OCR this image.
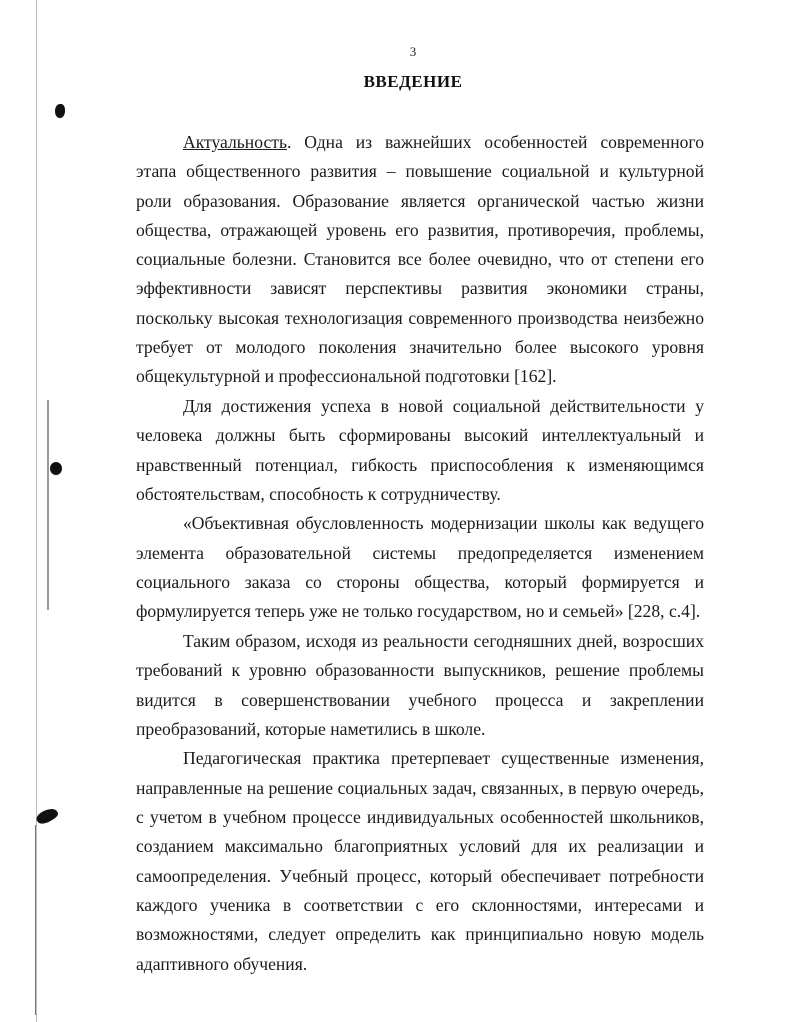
3
ВВЕДЕНИЕ

Актуальность. Одна из важнейших особенностей современного этапа общественного развития – повышение социальной и культурной роли образования. Образование является органической частью жизни общества, отражающей уровень его развития, противоречия, проблемы, социальные болезни. Становится все более очевидно, что от степени его эффективности зависят перспективы развития экономики страны, поскольку высокая технологизация современного производства неизбежно требует от молодого поколения значительно более высокого уровня общекультурной и профессиональной подготовки [162].

Для достижения успеха в новой социальной действительности у человека должны быть сформированы высокий интеллектуальный и нравственный потенциал, гибкость приспособления к изменяющимся обстоятельствам, способность к сотрудничеству.

«Объективная обусловленность модернизации школы как ведущего элемента образовательной системы предопределяется изменением социального заказа со стороны общества, который формируется и формулируется теперь уже не только государством, но и семьей» [228, с.4].

Таким образом, исходя из реальности сегодняшних дней, возросших требований к уровню образованности выпускников, решение проблемы видится в совершенствовании учебного процесса и закреплении преобразований, которые наметились в школе.

Педагогическая практика претерпевает существенные изменения, направленные на решение социальных задач, связанных, в первую очередь, с учетом в учебном процессе индивидуальных особенностей школьников, созданием максимально благоприятных условий для их реализации и самоопределения. Учебный процесс, который обеспечивает потребности каждого ученика в соответствии с его склонностями, интересами и возможностями, следует определить как принципиально новую модель адаптивного обучения.
